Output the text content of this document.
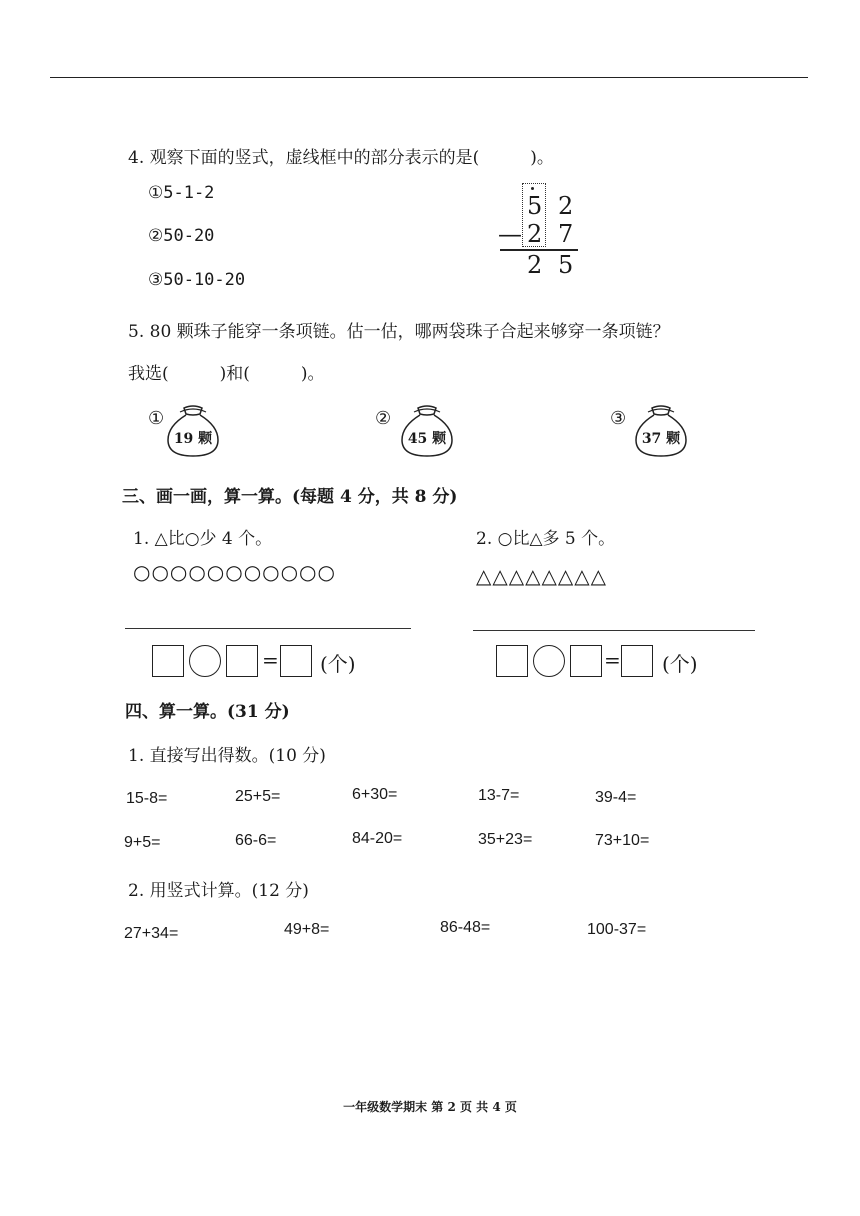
4. 观察下面的竖式，虚线框中的部分表示的是(　　　)。
①5-1-2
②50-20
③50-10-20
5 2
— 2 7
2 5
5. 80 颗珠子能穿一条项链。估一估，哪两袋珠子合起来够穿一条项链？
我选(　　　)和(　　　)。
①
19 颗
②
45 颗
③
37 颗
三、画一画，算一算。(每题 4 分，共 8 分)
1. △比○少 4 个。
○○○○○○○○○○○
2. ○比△多 5 个。
△△△△△△△△
= (个)	= (个)
四、算一算。(31 分)
1. 直接写出得数。(10 分)
15-8=	25+5=	6+30=	13-7=	39-4=
9+5=	66-6=	84-20=	35+23=	73+10=
2. 用竖式计算。(12 分)
27+34=	49+8=	86-48=	100-37=
一年级数学期末 第 2 页 共 4 页
